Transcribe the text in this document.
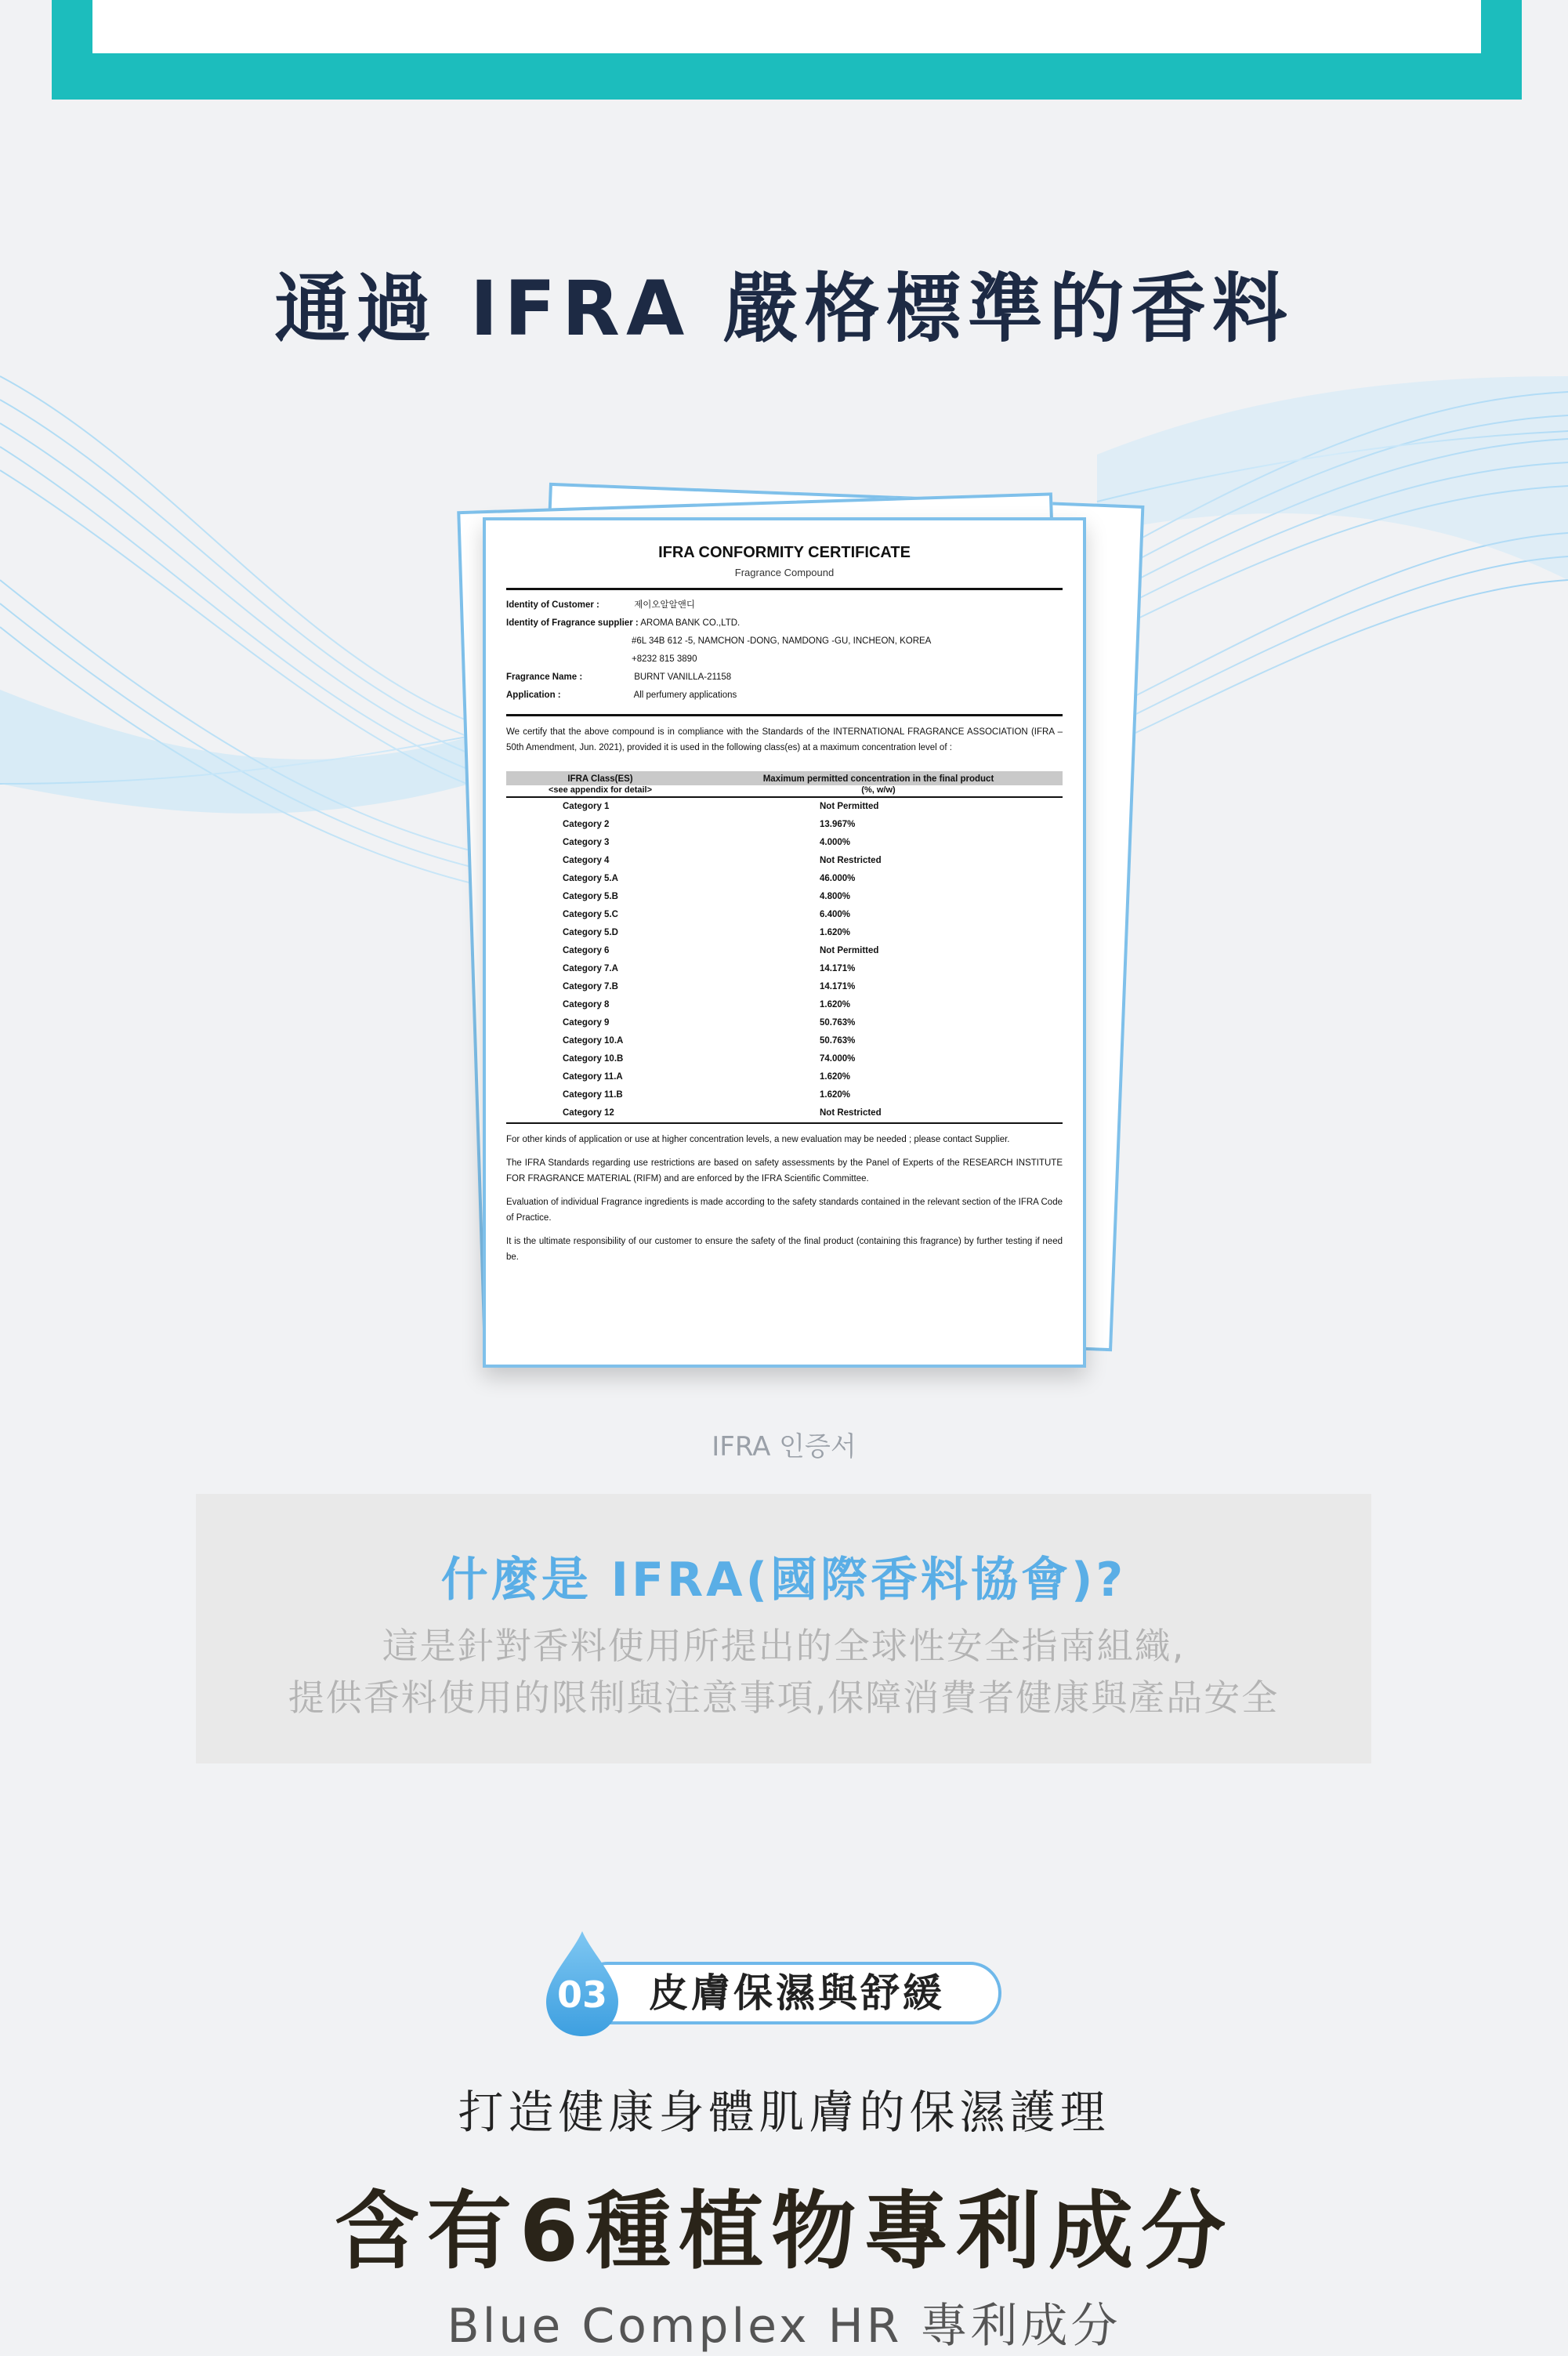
通過 IFRA 嚴格標準的香料
IFRA CONFORMITY CERTIFICATE
Fragrance Compound
Identity of Customer :	제이오알알앤디
Identity of Fragrance supplier : AROMA BANK CO.,LTD.
#6L 34B 612 -5, NAMCHON -DONG, NAMDONG -GU, INCHEON, KOREA
+8232 815 3890
Fragrance Name :	BURNT VANILLA-21158
Application :	All perfumery applications
We certify that the above compound is in compliance with the Standards of the INTERNATIONAL FRAGRANCE ASSOCIATION (IFRA – 50th Amendment, Jun. 2021), provided it is used in the following class(es) at a maximum concentration level of :
IFRA Class(ES)	Maximum permitted concentration in the final product
<see appendix for detail>	(%, w/w)
Category 1	Not Permitted
Category 2	13.967%
Category 3	4.000%
Category 4	Not Restricted
Category 5.A	46.000%
Category 5.B	4.800%
Category 5.C	6.400%
Category 5.D	1.620%
Category 6	Not Permitted
Category 7.A	14.171%
Category 7.B	14.171%
Category 8	1.620%
Category 9	50.763%
Category 10.A	50.763%
Category 10.B	74.000%
Category 11.A	1.620%
Category 11.B	1.620%
Category 12	Not Restricted
For other kinds of application or use at higher concentration levels, a new evaluation may be needed ; please contact Supplier.
The IFRA Standards regarding use restrictions are based on safety assessments by the Panel of Experts of the RESEARCH INSTITUTE FOR FRAGRANCE MATERIAL (RIFM) and are enforced by the IFRA Scientific Committee.
Evaluation of individual Fragrance ingredients is made according to the safety standards contained in the relevant section of the IFRA Code of Practice.
It is the ultimate responsibility of our customer to ensure the safety of the final product (containing this fragrance) by further testing if need be.
IFRA 인증서
什麼是 IFRA(國際香料協會)?
這是針對香料使用所提出的全球性安全指南組織,
提供香料使用的限制與注意事項,保障消費者健康與產品安全
皮膚保濕與舒緩
03
打造健康身體肌膚的保濕護理
含有6種植物專利成分
Blue Complex HR 專利成分
